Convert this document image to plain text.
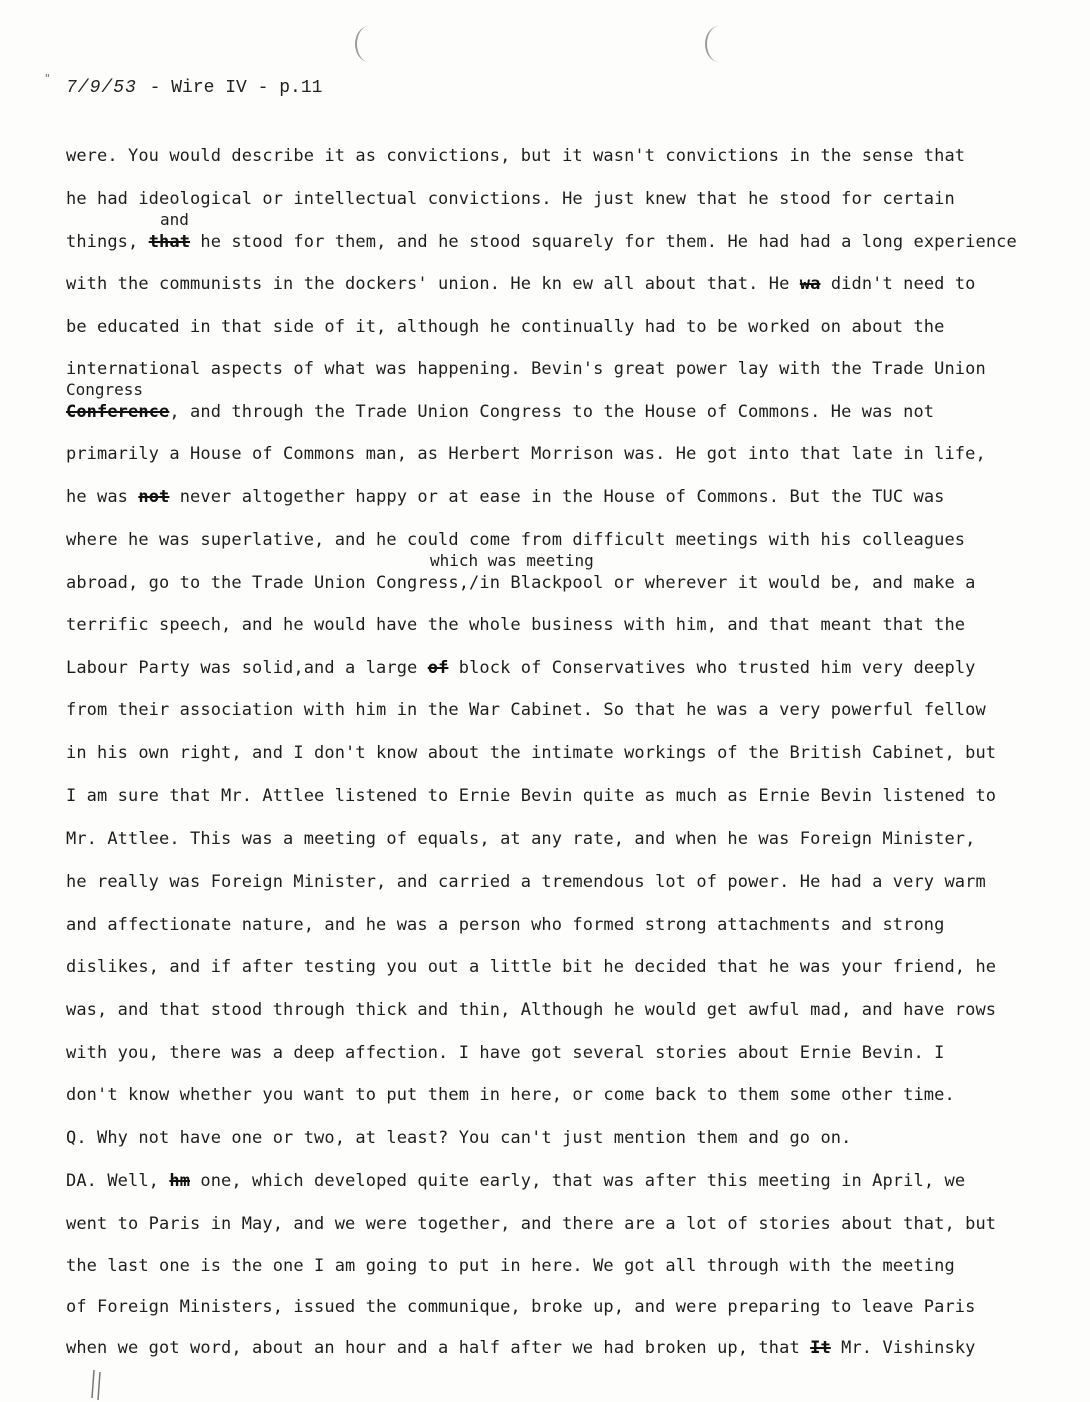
" 7/9/53 - Wire IV - p.11
were. You would describe it as convictions, but it wasn't convictions in the sense that
he had ideological or intellectual convictions. He just knew that he stood for certain
and
things, that he stood for them, and he stood squarely for them. He had had a long experience
with the communists in the dockers' union. He kn ew all about that. He wa didn't need to
be educated in that side of it, although he continually had to be worked on about the
international aspects of what was happening. Bevin's great power lay with the Trade Union
Congress
Conference, and through the Trade Union Congress to the House of Commons. He was not
primarily a House of Commons man, as Herbert Morrison was. He got into that late in life,
he was not never altogether happy or at ease in the House of Commons. But the TUC was
where he was superlative, and he could come from difficult meetings with his colleagues
which was meeting
abroad, go to the Trade Union Congress,/in Blackpool or wherever it would be, and make a
terrific speech, and he would have the whole business with him, and that meant that the
Labour Party was solid,and a large of block of Conservatives who trusted him very deeply
from their association with him in the War Cabinet. So that he was a very powerful fellow
in his own right, and I don't know about the intimate workings of the British Cabinet, but
I am sure that Mr. Attlee listened to Ernie Bevin quite as much as Ernie Bevin listened to
Mr. Attlee. This was a meeting of equals, at any rate, and when he was Foreign Minister,
he really was Foreign Minister, and carried a tremendous lot of power. He had a very warm
and affectionate nature, and he was a person who formed strong attachments and strong
dislikes, and if after testing you out a little bit he decided that he was your friend, he
was, and that stood through thick and thin, Although he would get awful mad, and have rows
with you, there was a deep affection. I have got several stories about Ernie Bevin. I
don't know whether you want to put them in here, or come back to them some other time.
Q. Why not have one or two, at least? You can't just mention them and go on.
DA. Well, hm one, which developed quite early, that was after this meeting in April, we
went to Paris in May, and we were together, and there are a lot of stories about that, but
the last one is the one I am going to put in here. We got all through with the meeting
of Foreign Ministers, issued the communique, broke up, and were preparing to leave Paris
when we got word, about an hour and a half after we had broken up, that It Mr. Vishinsky
